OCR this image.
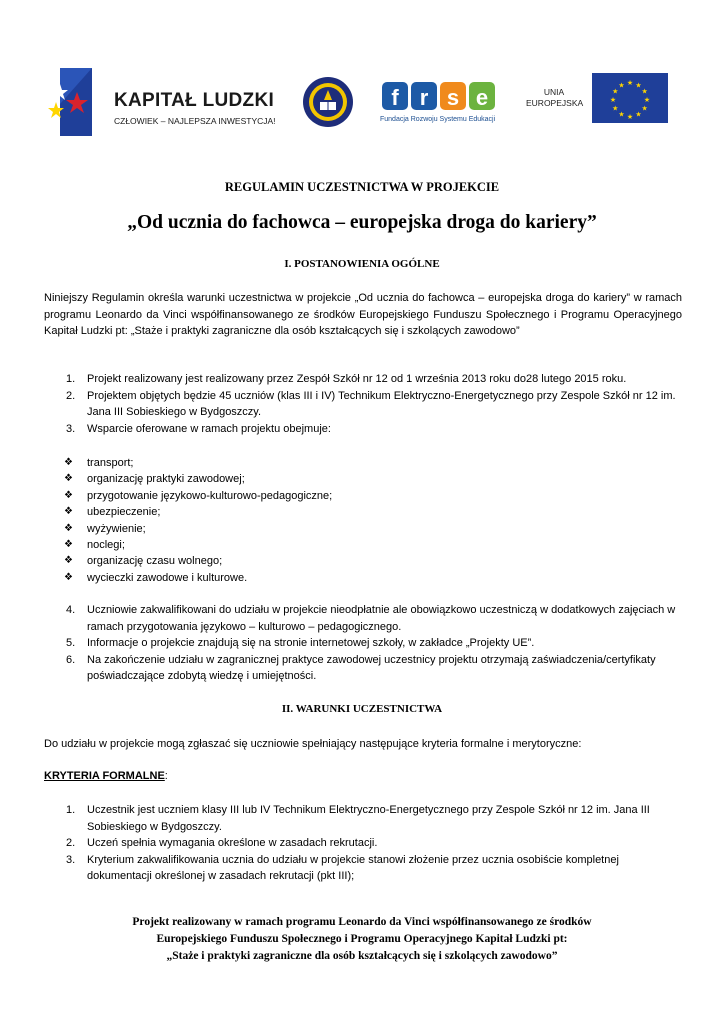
KAPITAŁ LUDZKI
CZŁOWIEK – NAJLEPSZA INWESTYCJA!
f r s e
Fundacja Rozwoju Systemu Edukacji
UNIA
EUROPEJSKA
★ ★
★
★
★
★
★
★
★
★
★
★
REGULAMIN UCZESTNICTWA W PROJEKCIE
„Od ucznia do fachowca – europejska droga do kariery”
I. POSTANOWIENIA OGÓLNE
Niniejszy Regulamin określa warunki uczestnictwa w projekcie „Od ucznia do fachowca – europejska droga do kariery” w ramach programu Leonardo da Vinci współfinansowanego ze środków Europejskiego Funduszu Społecznego i Programu Operacyjnego Kapitał Ludzki pt: „Staże i praktyki zagraniczne dla osób kształcących się i szkolących zawodowo”
1. Projekt realizowany jest realizowany przez Zespół Szkół nr 12 od 1 września 2013 roku do28 lutego 2015 roku.
2. Projektem objętych będzie 45 uczniów (klas III i IV) Technikum Elektryczno-Energetycznego przy Zespole Szkół nr 12 im. Jana III Sobieskiego w Bydgoszczy.
3. Wsparcie oferowane w ramach projektu obejmuje:
❖ transport;
❖ organizację praktyki zawodowej;
❖ przygotowanie językowo-kulturowo-pedagogiczne;
❖ ubezpieczenie;
❖ wyżywienie;
❖ noclegi;
❖ organizację czasu wolnego;
❖ wycieczki zawodowe i kulturowe.
4. Uczniowie zakwalifikowani do udziału w projekcie nieodpłatnie ale obowiązkowo uczestniczą w dodatkowych zajęciach w ramach przygotowania językowo – kulturowo – pedagogicznego.
5. Informacje o projekcie znajdują się na stronie internetowej szkoły, w zakładce „Projekty UE”.
6. Na zakończenie udziału w zagranicznej praktyce zawodowej uczestnicy projektu otrzymają zaświadczenia/certyfikaty poświadczające zdobytą wiedzę i umiejętności.
II. WARUNKI UCZESTNICTWA
Do udziału w projekcie mogą zgłaszać się uczniowie spełniający następujące kryteria formalne i merytoryczne:
KRYTERIA FORMALNE:
1. Uczestnik jest uczniem klasy III lub IV Technikum Elektryczno-Energetycznego przy Zespole Szkół nr 12 im. Jana III Sobieskiego w Bydgoszczy.
2. Uczeń spełnia wymagania określone w zasadach rekrutacji.
3. Kryterium zakwalifikowania ucznia do udziału w projekcie stanowi złożenie przez ucznia osobiście kompletnej dokumentacji określonej w zasadach rekrutacji (pkt III);
Projekt realizowany w ramach programu Leonardo da Vinci współfinansowanego ze środków
Europejskiego Funduszu Społecznego i Programu Operacyjnego Kapitał Ludzki pt:
„Staże i praktyki zagraniczne dla osób kształcących się i szkolących zawodowo”
